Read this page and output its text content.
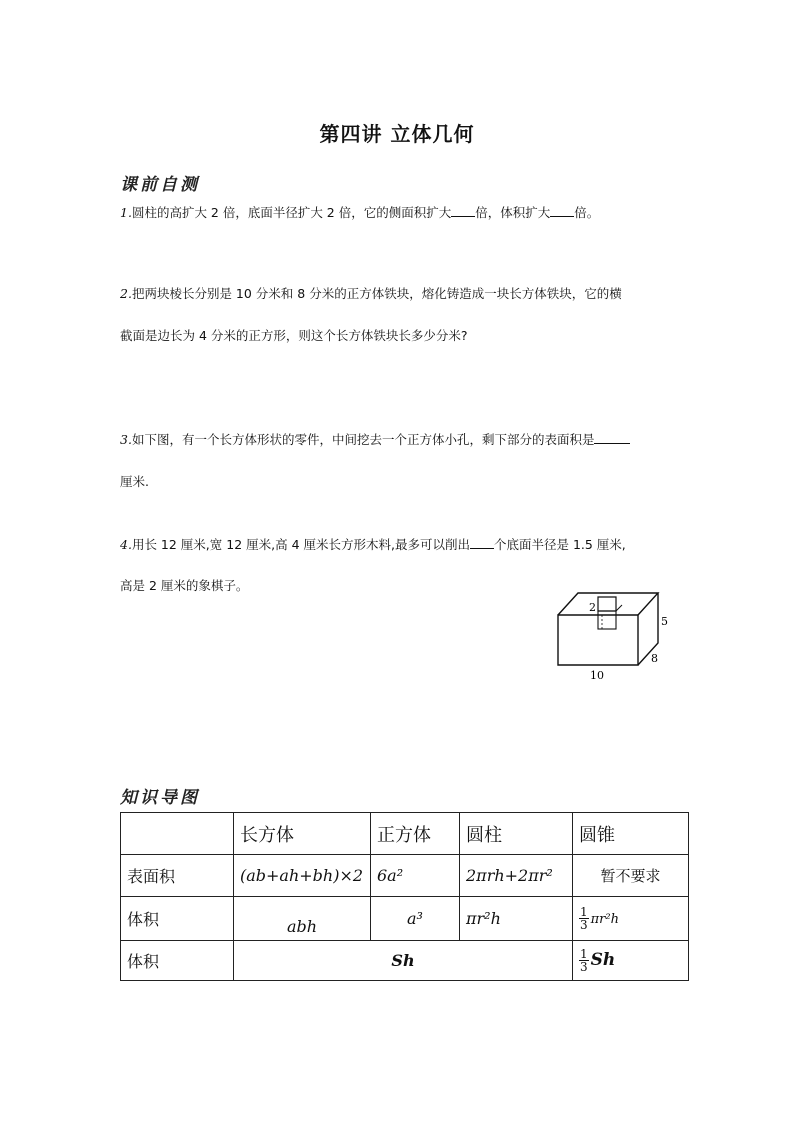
第四讲 立体几何
课前自测
1.圆柱的高扩大 2 倍，底面半径扩大 2 倍，它的侧面积扩大 倍，体积扩大 倍。
2.把两块棱长分别是 10 分米和 8 分米的正方体铁块，熔化铸造成一块长方体铁块，它的横
截面是边长为 4 分米的正方形，则这个长方体铁块长多少分米?
3.如下图，有一个长方体形状的零件，中间挖去一个正方体小孔，剩下部分的表面积是
厘米.
4.用长 12 厘米,宽 12 厘米,高 4 厘米长方形木料,最多可以削出 个底面半径是 1.5 厘米,
高是 2 厘米的象棋子。
2
5
8
10
知识导图
	长方体	正方体	圆柱	圆锥
表面积	(ab+ah+bh)×2	6a²	2πrh+2πr²	暂不要求
体积	abh	a³	πr²h	$\frac{1}{3} \pi r^2h$
体积	Sh			$\frac{1}{3}$ Sh
